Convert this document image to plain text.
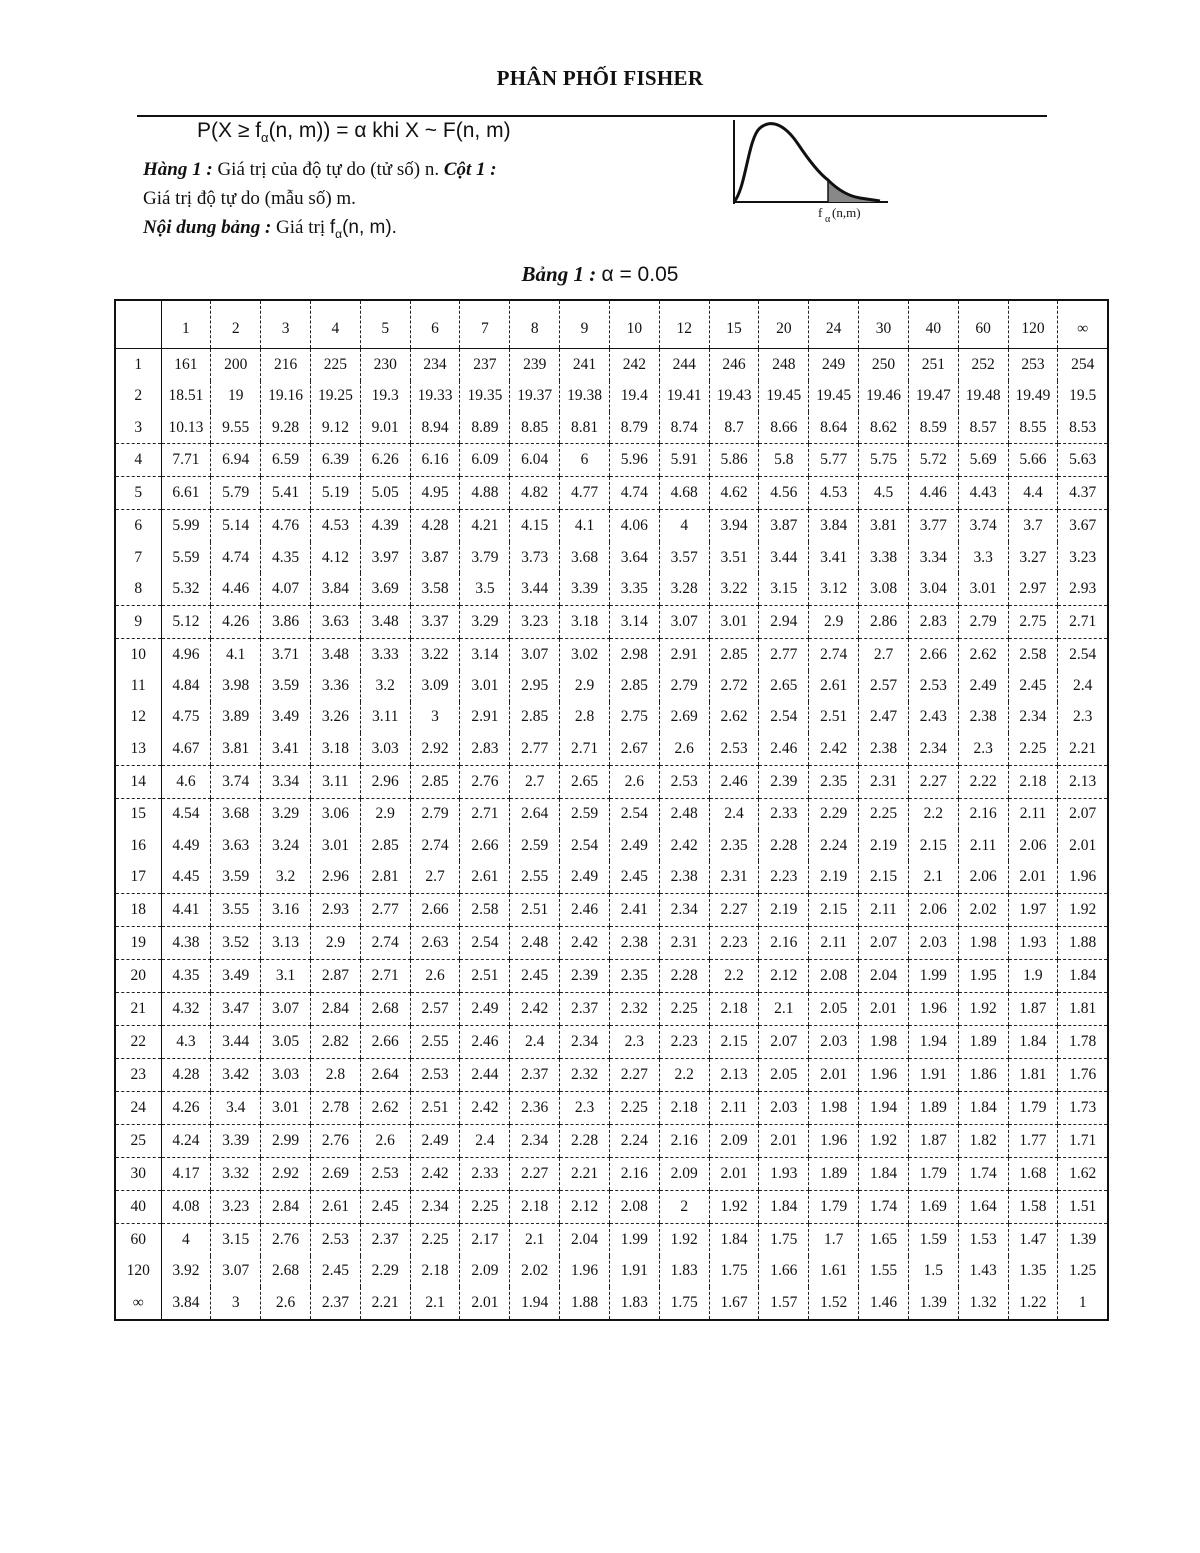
PHÂN PHỐI FISHER
$P(X \ge f_\alpha(n$, m)) = α khi X ~ F(n, m)
Hàng 1 : Giá trị của độ tự do (tử số) n. Cột 1 :
Giá trị độ tự do (mẫu số) m.
Nội dung bảng : Giá trị $f_\alpha(n$, m).
f α (n,m)
Bảng 1 : α = 0.05
	1	2	3	4	5	6	7	8	9	10	12	15	20	24	30	40	60	120	∞
1	161	200	216	225	230	234	237	239	241	242	244	246	248	249	250	251	252	253	254
2	18.51	19	19.16	19.25	19.3	19.33	19.35	19.37	19.38	19.4	19.41	19.43	19.45	19.45	19.46	19.47	19.48	19.49	19.5
3	10.13	9.55	9.28	9.12	9.01	8.94	8.89	8.85	8.81	8.79	8.74	8.7	8.66	8.64	8.62	8.59	8.57	8.55	8.53
4	7.71	6.94	6.59	6.39	6.26	6.16	6.09	6.04	6	5.96	5.91	5.86	5.8	5.77	5.75	5.72	5.69	5.66	5.63
5	6.61	5.79	5.41	5.19	5.05	4.95	4.88	4.82	4.77	4.74	4.68	4.62	4.56	4.53	4.5	4.46	4.43	4.4	4.37
6	5.99	5.14	4.76	4.53	4.39	4.28	4.21	4.15	4.1	4.06	4	3.94	3.87	3.84	3.81	3.77	3.74	3.7	3.67
7	5.59	4.74	4.35	4.12	3.97	3.87	3.79	3.73	3.68	3.64	3.57	3.51	3.44	3.41	3.38	3.34	3.3	3.27	3.23
8	5.32	4.46	4.07	3.84	3.69	3.58	3.5	3.44	3.39	3.35	3.28	3.22	3.15	3.12	3.08	3.04	3.01	2.97	2.93
9	5.12	4.26	3.86	3.63	3.48	3.37	3.29	3.23	3.18	3.14	3.07	3.01	2.94	2.9	2.86	2.83	2.79	2.75	2.71
10	4.96	4.1	3.71	3.48	3.33	3.22	3.14	3.07	3.02	2.98	2.91	2.85	2.77	2.74	2.7	2.66	2.62	2.58	2.54
11	4.84	3.98	3.59	3.36	3.2	3.09	3.01	2.95	2.9	2.85	2.79	2.72	2.65	2.61	2.57	2.53	2.49	2.45	2.4
12	4.75	3.89	3.49	3.26	3.11	3	2.91	2.85	2.8	2.75	2.69	2.62	2.54	2.51	2.47	2.43	2.38	2.34	2.3
13	4.67	3.81	3.41	3.18	3.03	2.92	2.83	2.77	2.71	2.67	2.6	2.53	2.46	2.42	2.38	2.34	2.3	2.25	2.21
14	4.6	3.74	3.34	3.11	2.96	2.85	2.76	2.7	2.65	2.6	2.53	2.46	2.39	2.35	2.31	2.27	2.22	2.18	2.13
15	4.54	3.68	3.29	3.06	2.9	2.79	2.71	2.64	2.59	2.54	2.48	2.4	2.33	2.29	2.25	2.2	2.16	2.11	2.07
16	4.49	3.63	3.24	3.01	2.85	2.74	2.66	2.59	2.54	2.49	2.42	2.35	2.28	2.24	2.19	2.15	2.11	2.06	2.01
17	4.45	3.59	3.2	2.96	2.81	2.7	2.61	2.55	2.49	2.45	2.38	2.31	2.23	2.19	2.15	2.1	2.06	2.01	1.96
18	4.41	3.55	3.16	2.93	2.77	2.66	2.58	2.51	2.46	2.41	2.34	2.27	2.19	2.15	2.11	2.06	2.02	1.97	1.92
19	4.38	3.52	3.13	2.9	2.74	2.63	2.54	2.48	2.42	2.38	2.31	2.23	2.16	2.11	2.07	2.03	1.98	1.93	1.88
20	4.35	3.49	3.1	2.87	2.71	2.6	2.51	2.45	2.39	2.35	2.28	2.2	2.12	2.08	2.04	1.99	1.95	1.9	1.84
21	4.32	3.47	3.07	2.84	2.68	2.57	2.49	2.42	2.37	2.32	2.25	2.18	2.1	2.05	2.01	1.96	1.92	1.87	1.81
22	4.3	3.44	3.05	2.82	2.66	2.55	2.46	2.4	2.34	2.3	2.23	2.15	2.07	2.03	1.98	1.94	1.89	1.84	1.78
23	4.28	3.42	3.03	2.8	2.64	2.53	2.44	2.37	2.32	2.27	2.2	2.13	2.05	2.01	1.96	1.91	1.86	1.81	1.76
24	4.26	3.4	3.01	2.78	2.62	2.51	2.42	2.36	2.3	2.25	2.18	2.11	2.03	1.98	1.94	1.89	1.84	1.79	1.73
25	4.24	3.39	2.99	2.76	2.6	2.49	2.4	2.34	2.28	2.24	2.16	2.09	2.01	1.96	1.92	1.87	1.82	1.77	1.71
30	4.17	3.32	2.92	2.69	2.53	2.42	2.33	2.27	2.21	2.16	2.09	2.01	1.93	1.89	1.84	1.79	1.74	1.68	1.62
40	4.08	3.23	2.84	2.61	2.45	2.34	2.25	2.18	2.12	2.08	2	1.92	1.84	1.79	1.74	1.69	1.64	1.58	1.51
60	4	3.15	2.76	2.53	2.37	2.25	2.17	2.1	2.04	1.99	1.92	1.84	1.75	1.7	1.65	1.59	1.53	1.47	1.39
120	3.92	3.07	2.68	2.45	2.29	2.18	2.09	2.02	1.96	1.91	1.83	1.75	1.66	1.61	1.55	1.5	1.43	1.35	1.25
∞	3.84	3	2.6	2.37	2.21	2.1	2.01	1.94	1.88	1.83	1.75	1.67	1.57	1.52	1.46	1.39	1.32	1.22	1
